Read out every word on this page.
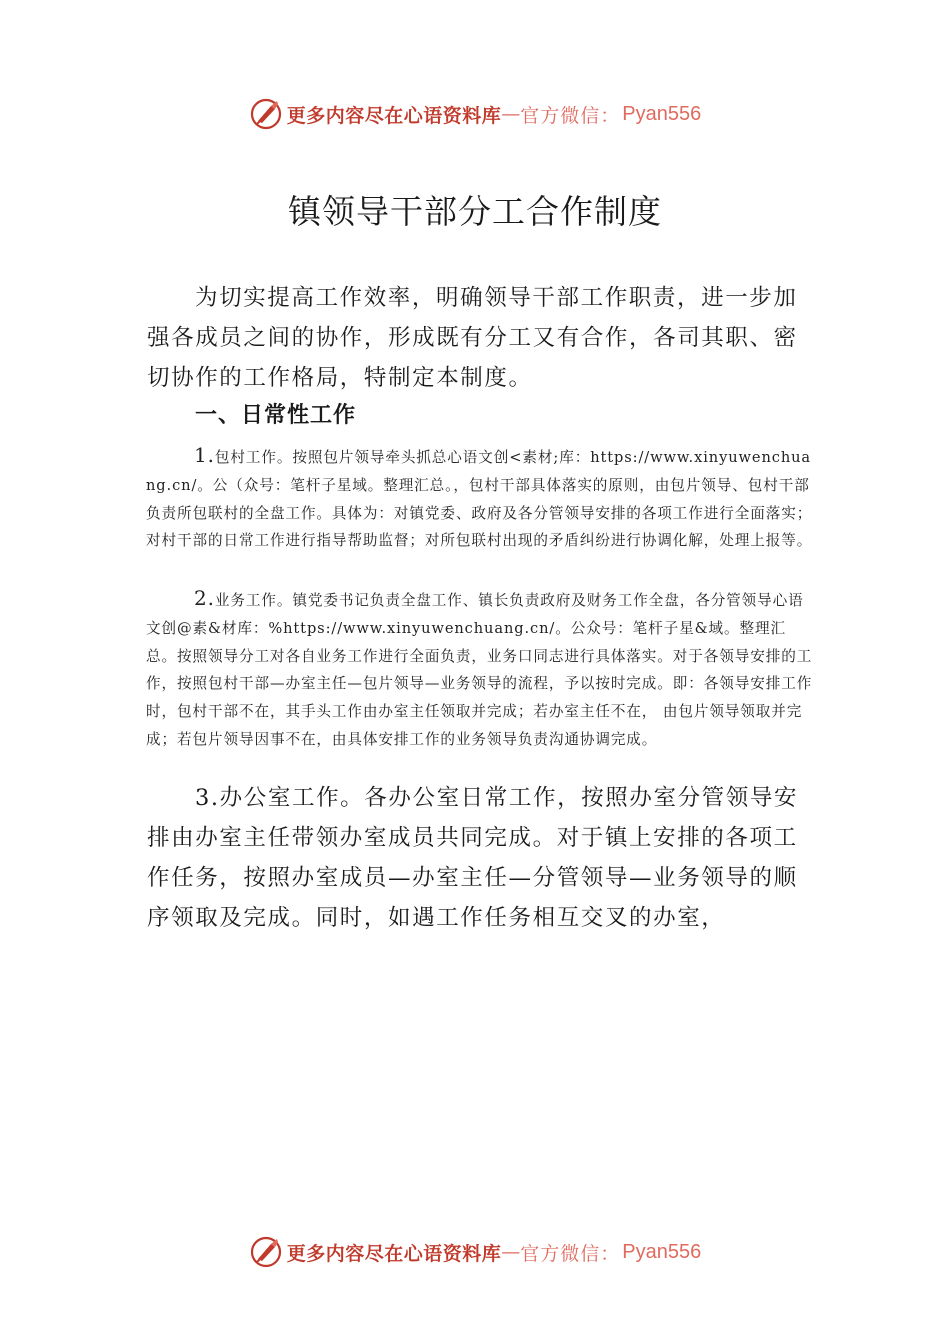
更多内容尽在心语资料库 — 官方微信： Pyan556
镇领导干部分工合作制度

为切实提高工作效率，明确领导干部工作职责，进一步加强各成员之间的协作，形成既有分工又有合作，各司其职、密切协作的工作格局，特制定本制度。

一、日常性工作

1.包村工作。按照包片领导牵头抓总心语文创<素材;库：https://www.xinyuwenchuang.cn/。公（众号：笔杆子星域。整理汇总。，包村干部具体落实的原则，由包片领导、包村干部负责所包联村的全盘工作。具体为：对镇党委、政府及各分管领导安排的各项工作进行全面落实；对村干部的日常工作进行指导帮助监督；对所包联村出现的矛盾纠纷进行协调化解，处理上报等。

2.业务工作。镇党委书记负责全盘工作、镇长负责政府及财务工作全盘，各分管领导心语文创@素&材库：%https://www.xinyuwenchuang.cn/。公众号：笔杆子星&域。整理汇总。按照领导分工对各自业务工作进行全面负责，业务口同志进行具体落实。对于各领导安排的工作，按照包村干部—办室主任—包片领导—业务领导的流程，予以按时完成。即：各领导安排工作时，包村干部不在，其手头工作由办室主任领取并完成；若办室主任不在， 由包片领导领取并完成；若包片领导因事不在，由具体安排工作的业务领导负责沟通协调完成。

3.办公室工作。各办公室日常工作，按照办室分管领导安排由办室主任带领办室成员共同完成。对于镇上安排的各项工作任务，按照办室成员—办室主任—分管领导—业务领导的顺序领取及完成。同时，如遇工作任务相互交叉的办室，

更多内容尽在心语资料库 — 官方微信： Pyan556
